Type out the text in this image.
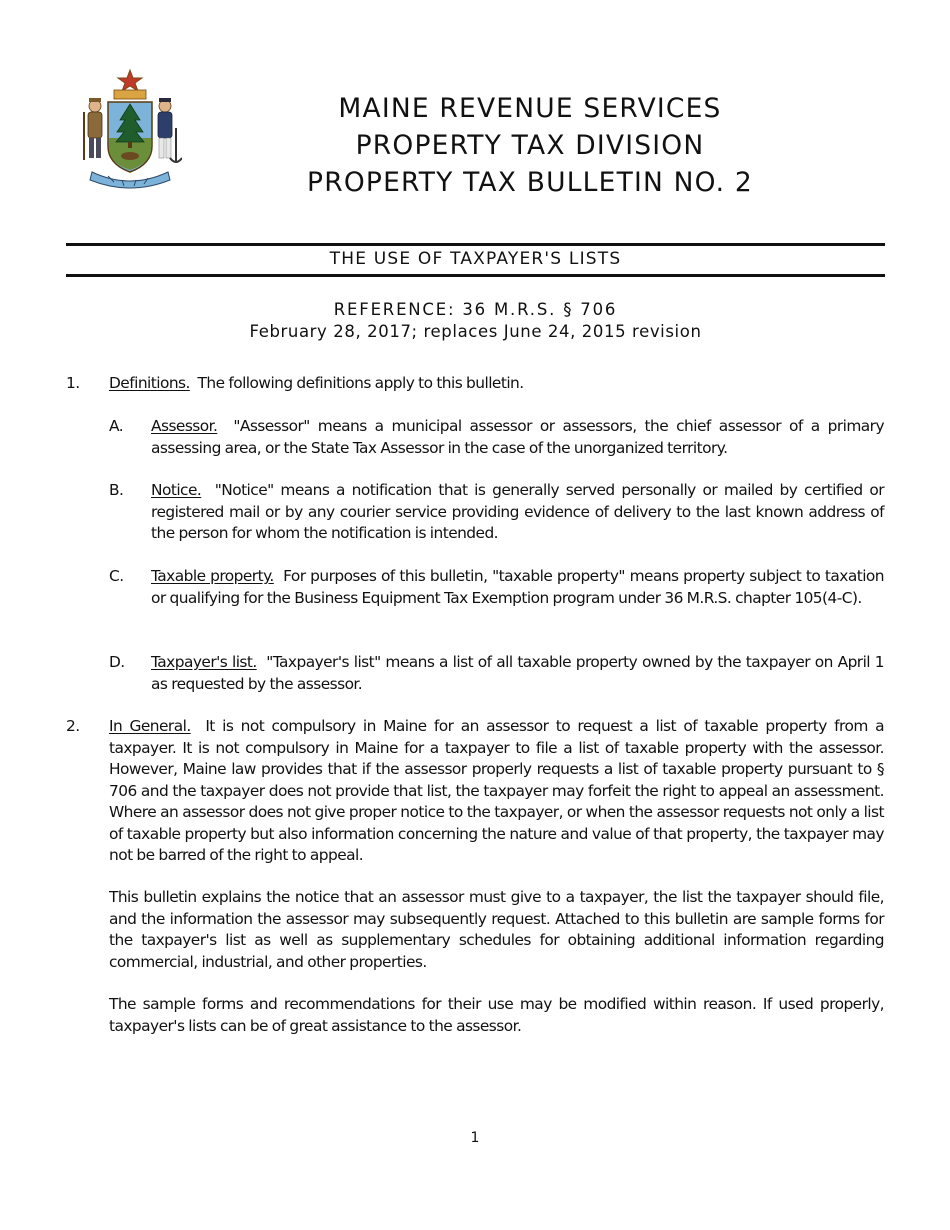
MAINE REVENUE SERVICES
PROPERTY TAX DIVISION
PROPERTY TAX BULLETIN NO. 2
THE USE OF TAXPAYER'S LISTS
REFERENCE: 36 M.R.S. § 706
February 28, 2017; replaces June 24, 2015 revision
1. Definitions. The following definitions apply to this bulletin.
A. Assessor. "Assessor" means a municipal assessor or assessors, the chief assessor of a primary assessing area, or the State Tax Assessor in the case of the unorganized territory.
B. Notice. "Notice" means a notification that is generally served personally or mailed by certified or registered mail or by any courier service providing evidence of delivery to the last known address of the person for whom the notification is intended.
C. Taxable property. For purposes of this bulletin, "taxable property" means property subject to taxation or qualifying for the Business Equipment Tax Exemption program under 36 M.R.S. chapter 105(4-C).
D. Taxpayer's list. "Taxpayer's list" means a list of all taxable property owned by the taxpayer on April 1 as requested by the assessor.
2. In General. It is not compulsory in Maine for an assessor to request a list of taxable property from a taxpayer. It is not compulsory in Maine for a taxpayer to file a list of taxable property with the assessor. However, Maine law provides that if the assessor properly requests a list of taxable property pursuant to § 706 and the taxpayer does not provide that list, the taxpayer may forfeit the right to appeal an assessment. Where an assessor does not give proper notice to the taxpayer, or when the assessor requests not only a list of taxable property but also information concerning the nature and value of that property, the taxpayer may not be barred of the right to appeal.
This bulletin explains the notice that an assessor must give to a taxpayer, the list the taxpayer should file, and the information the assessor may subsequently request. Attached to this bulletin are sample forms for the taxpayer's list as well as supplementary schedules for obtaining additional information regarding commercial, industrial, and other properties.
The sample forms and recommendations for their use may be modified within reason. If used properly, taxpayer's lists can be of great assistance to the assessor.
1
